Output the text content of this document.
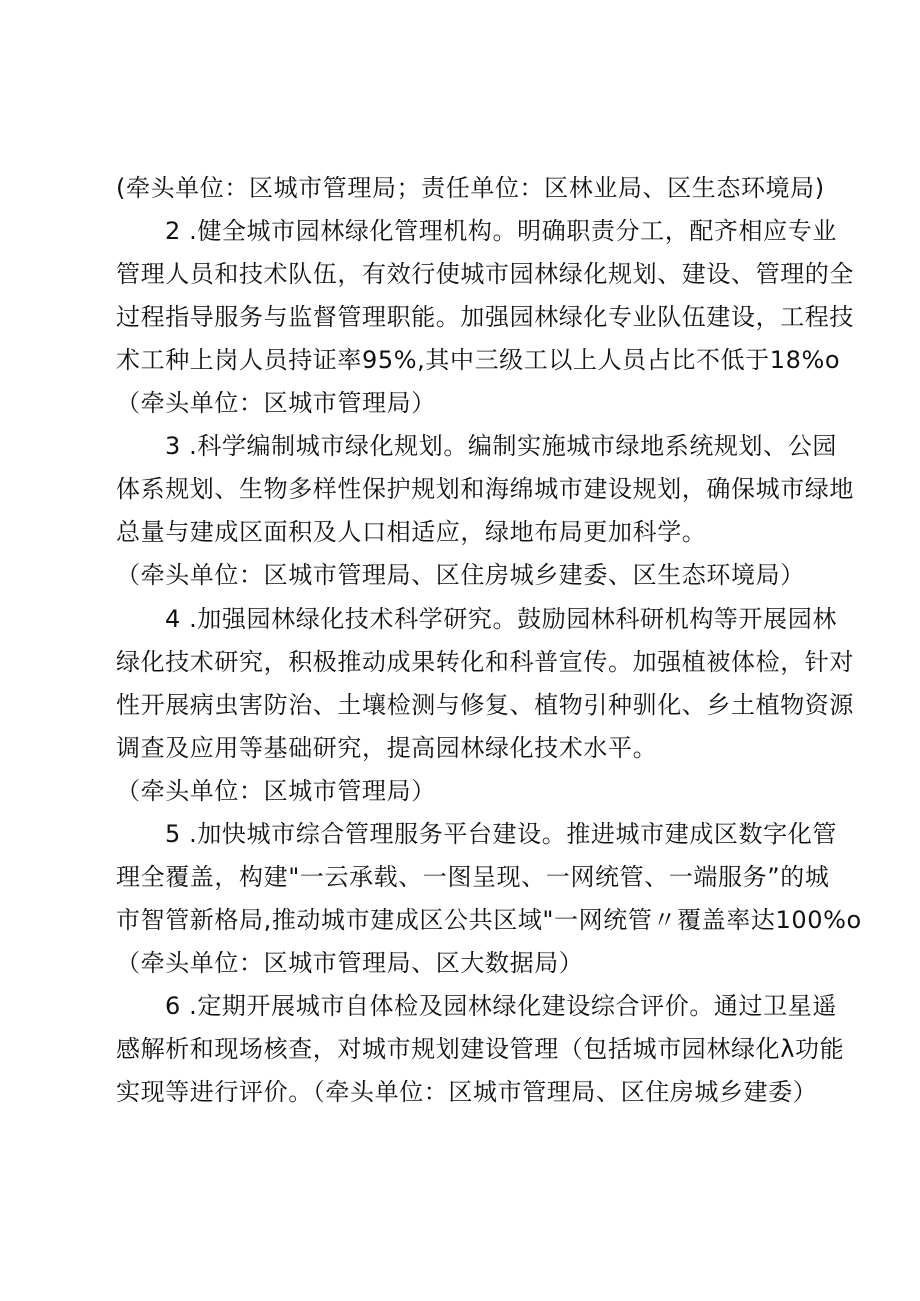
(牵头单位：区城市管理局；责任单位：区林业局、区生态环境局)
2 .健全城市园林绿化管理机构。明确职责分工，配齐相应专业
管理人员和技术队伍，有效行使城市园林绿化规划、建设、管理的全
过程指导服务与监督管理职能。加强园林绿化专业队伍建设，工程技
术工种上岗人员持证率95%,其中三级工以上人员占比不低于18%o
（牵头单位：区城市管理局）
3 .科学编制城市绿化规划。编制实施城市绿地系统规划、公园
体系规划、生物多样性保护规划和海绵城市建设规划，确保城市绿地
总量与建成区面积及人口相适应，绿地布局更加科学。
（牵头单位：区城市管理局、区住房城乡建委、区生态环境局）
4 .加强园林绿化技术科学研究。鼓励园林科研机构等开展园林
绿化技术研究，积极推动成果转化和科普宣传。加强植被体检，针对
性开展病虫害防治、土壤检测与修复、植物引种驯化、乡土植物资源
调查及应用等基础研究，提高园林绿化技术水平。
（牵头单位：区城市管理局）
5 .加快城市综合管理服务平台建设。推进城市建成区数字化管
理全覆盖，构建"一云承载、一图呈现、一网统管、一端服务”的城
市智管新格局,推动城市建成区公共区域"一网统管〃覆盖率达100%o
（牵头单位：区城市管理局、区大数据局）
6 .定期开展城市自体检及园林绿化建设综合评价。通过卫星遥
感解析和现场核查，对城市规划建设管理（包括城市园林绿化λ功能
实现等进行评价。（牵头单位：区城市管理局、区住房城乡建委）
